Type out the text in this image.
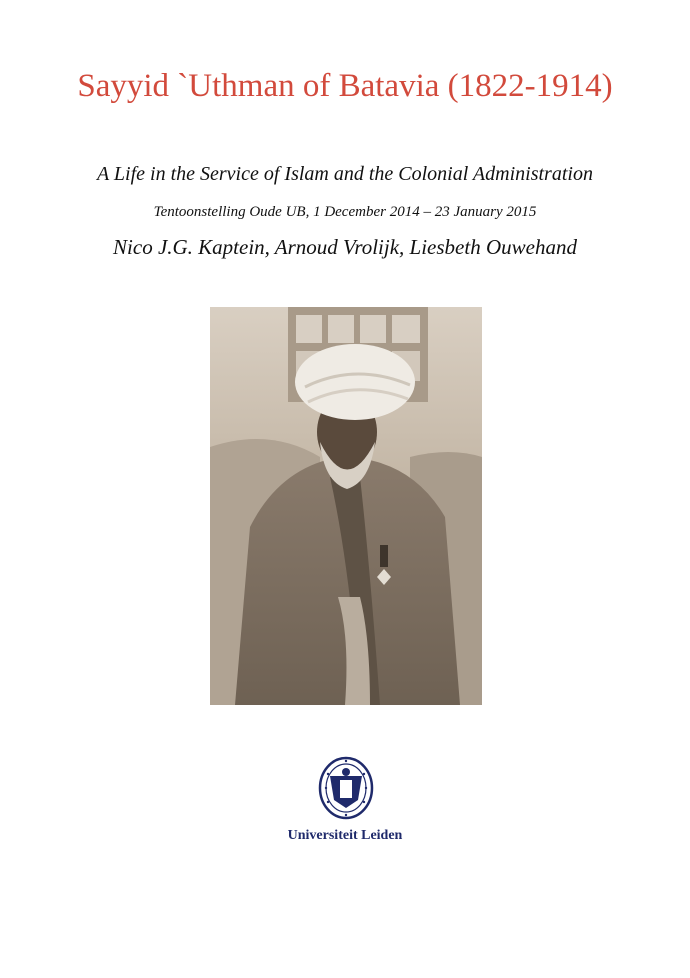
Sayyid `Uthman of Batavia (1822-1914)
A Life in the Service of Islam and the Colonial Administration
Tentoonstelling Oude UB, 1 December 2014 – 23 January 2015
Nico J.G. Kaptein, Arnoud Vrolijk, Liesbeth Ouwehand
Universiteit Leiden
